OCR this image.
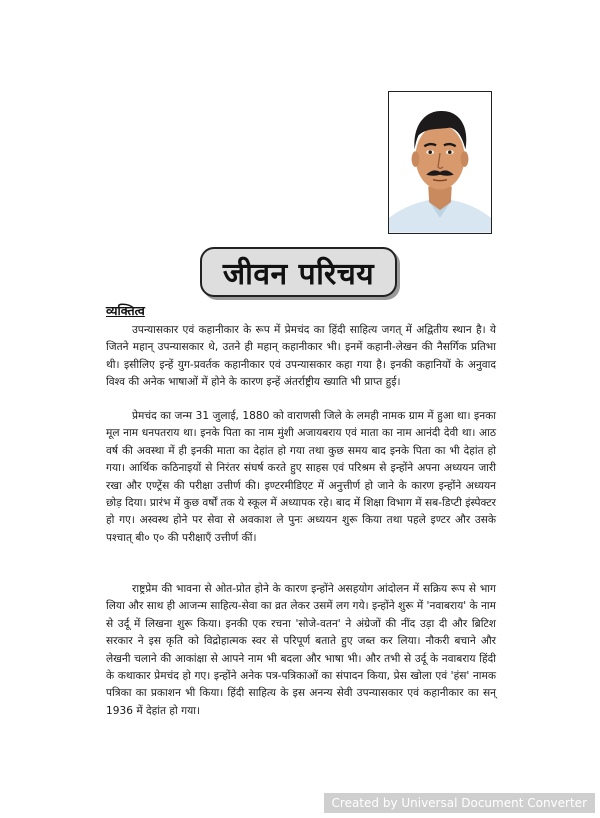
जीवन परिचय
व्यक्तित्व

उपन्यासकार एवं कहानीकार के रूप में प्रेमचंद का हिंदी साहित्य जगत् में अद्वितीय स्थान है। ये जितने महान् उपन्यासकार थे, उतने ही महान् कहानीकार भी। इनमें कहानी-लेखन की नैसर्गिक प्रतिभा थी। इसीलिए इन्हें युग-प्रवर्तक कहानीकार एवं उपन्यासकार कहा गया है। इनकी कहानियों के अनुवाद विश्व की अनेक भाषाओं में होने के कारण इन्हें अंतर्राष्ट्रीय ख्याति भी प्राप्त हुई।

प्रेमचंद का जन्म 31 जुलाई, 1880 को वाराणसी जिले के लमही नामक ग्राम में हुआ था। इनका मूल नाम धनपतराय था। इनके पिता का नाम मुंशी अजायबराय एवं माता का नाम आनंदी देवी था। आठ वर्ष की अवस्था में ही इनकी माता का देहांत हो गया तथा कुछ समय बाद इनके पिता का भी देहांत हो गया। आर्थिक कठिनाइयों से निरंतर संघर्ष करते हुए साहस एवं परिश्रम से इन्होंने अपना अध्ययन जारी रखा और एण्ट्रेंस की परीक्षा उत्तीर्ण की। इण्टरमीडिएट में अनुत्तीर्ण हो जाने के कारण इन्होंने अध्ययन छोड़ दिया। प्रारंभ में कुछ वर्षों तक ये स्कूल में अध्यापक रहे। बाद में शिक्षा विभाग में सब-डिप्टी इंस्पेक्टर हो गए। अस्वस्थ होने पर सेवा से अवकाश ले पुनः अध्ययन शुरू किया तथा पहले इण्टर और उसके पश्चात् बी० ए० की परीक्षाएँ उत्तीर्ण कीं।

राष्ट्रप्रेम की भावना से ओत-प्रोत होने के कारण इन्होंने असहयोग आंदोलन में सक्रिय रूप से भाग लिया और साथ ही आजन्म साहित्य-सेवा का व्रत लेकर उसमें लग गये। इन्होंने शुरू में 'नवाबराय' के नाम से उर्दू में लिखना शुरू किया। इनकी एक रचना 'सोजे-वतन' ने अंग्रेजों की नींद उड़ा दी और ब्रिटिश सरकार ने इस कृति को विद्रोहात्मक स्वर से परिपूर्ण बताते हुए जब्त कर लिया। नौकरी बचाने और लेखनी चलाने की आकांक्षा से आपने नाम भी बदला और भाषा भी। और तभी से उर्दू के नवाबराय हिंदी के कथाकार प्रेमचंद हो गए। इन्होंने अनेक पत्र-पत्रिकाओं का संपादन किया, प्रेस खोला एवं 'हंस' नामक पत्रिका का प्रकाशन भी किया। हिंदी साहित्य के इस अनन्य सेवी उपन्यासकार एवं कहानीकार का सन् 1936 में देहांत हो गया।

Created by Universal Document Converter
